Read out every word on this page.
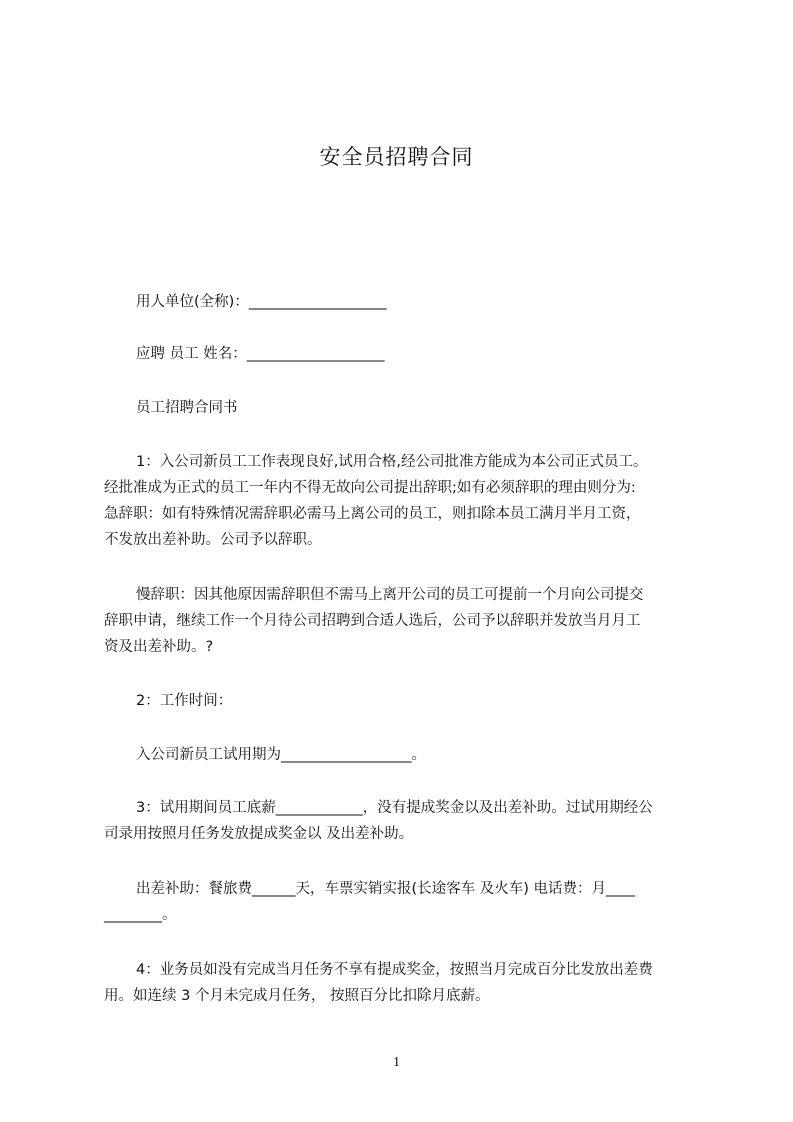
安全员招聘合同
用人单位(全称)：___________________
应聘 员工 姓名：___________________
员工招聘合同书
1：入公司新员工工作表现良好,试用合格,经公司批准方能成为本公司正式员工。
经批准成为正式的员工一年内不得无故向公司提出辞职;如有必须辞职的理由则分为:
急辞职：如有特殊情况需辞职必需马上离公司的员工，则扣除本员工满月半月工资，
不发放出差补助。公司予以辞职。
慢辞职：因其他原因需辞职但不需马上离开公司的员工可提前一个月向公司提交
辞职申请，继续工作一个月待公司招聘到合适人选后，公司予以辞职并发放当月月工
资及出差补助。?
2：工作时间：
入公司新员工试用期为__________________。
3：试用期间员工底薪____________，没有提成奖金以及出差补助。过试用期经公
司录用按照月任务发放提成奖金以 及出差补助。
出差补助：餐旅费______天，车票实销实报(长途客车 及火车) 电话费：月____
________。
4：业务员如没有完成当月任务不享有提成奖金，按照当月完成百分比发放出差费
用。如连续 3 个月未完成月任务， 按照百分比扣除月底薪。
1
